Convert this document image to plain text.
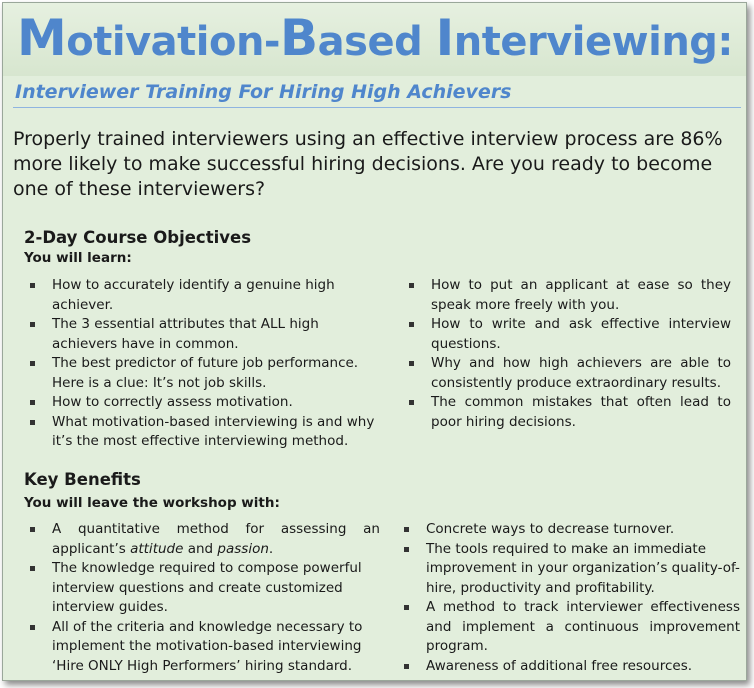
Motivation-Based Interviewing:
Interviewer Training For Hiring High Achievers
Properly trained interviewers using an effective interview process are 86% more likely to make successful hiring decisions. Are you ready to become one of these interviewers?
2-Day Course Objectives
You will learn:
How to accurately identify a genuine high achiever.
The 3 essential attributes that ALL high achievers have in common.
The best predictor of future job performance. Here is a clue: It’s not job skills.
How to correctly assess motivation.
What motivation-based interviewing is and why it’s the most effective interviewing method.
How to put an applicant at ease so they speak more freely with you.
How to write and ask effective interview questions.
Why and how high achievers are able to consistently produce extraordinary results.
The common mistakes that often lead to poor hiring decisions.
Key Benefits
You will leave the workshop with:
A quantitative method for assessing an applicant’s attitude and passion.
The knowledge required to compose powerful interview questions and create customized interview guides.
All of the criteria and knowledge necessary to implement the motivation-based interviewing ‘Hire ONLY High Performers’ hiring standard.
Concrete ways to decrease turnover.
The tools required to make an immediate improvement in your organization’s quality-of-hire, productivity and profitability.
A method to track interviewer effectiveness and implement a continuous improvement program.
Awareness of additional free resources.
